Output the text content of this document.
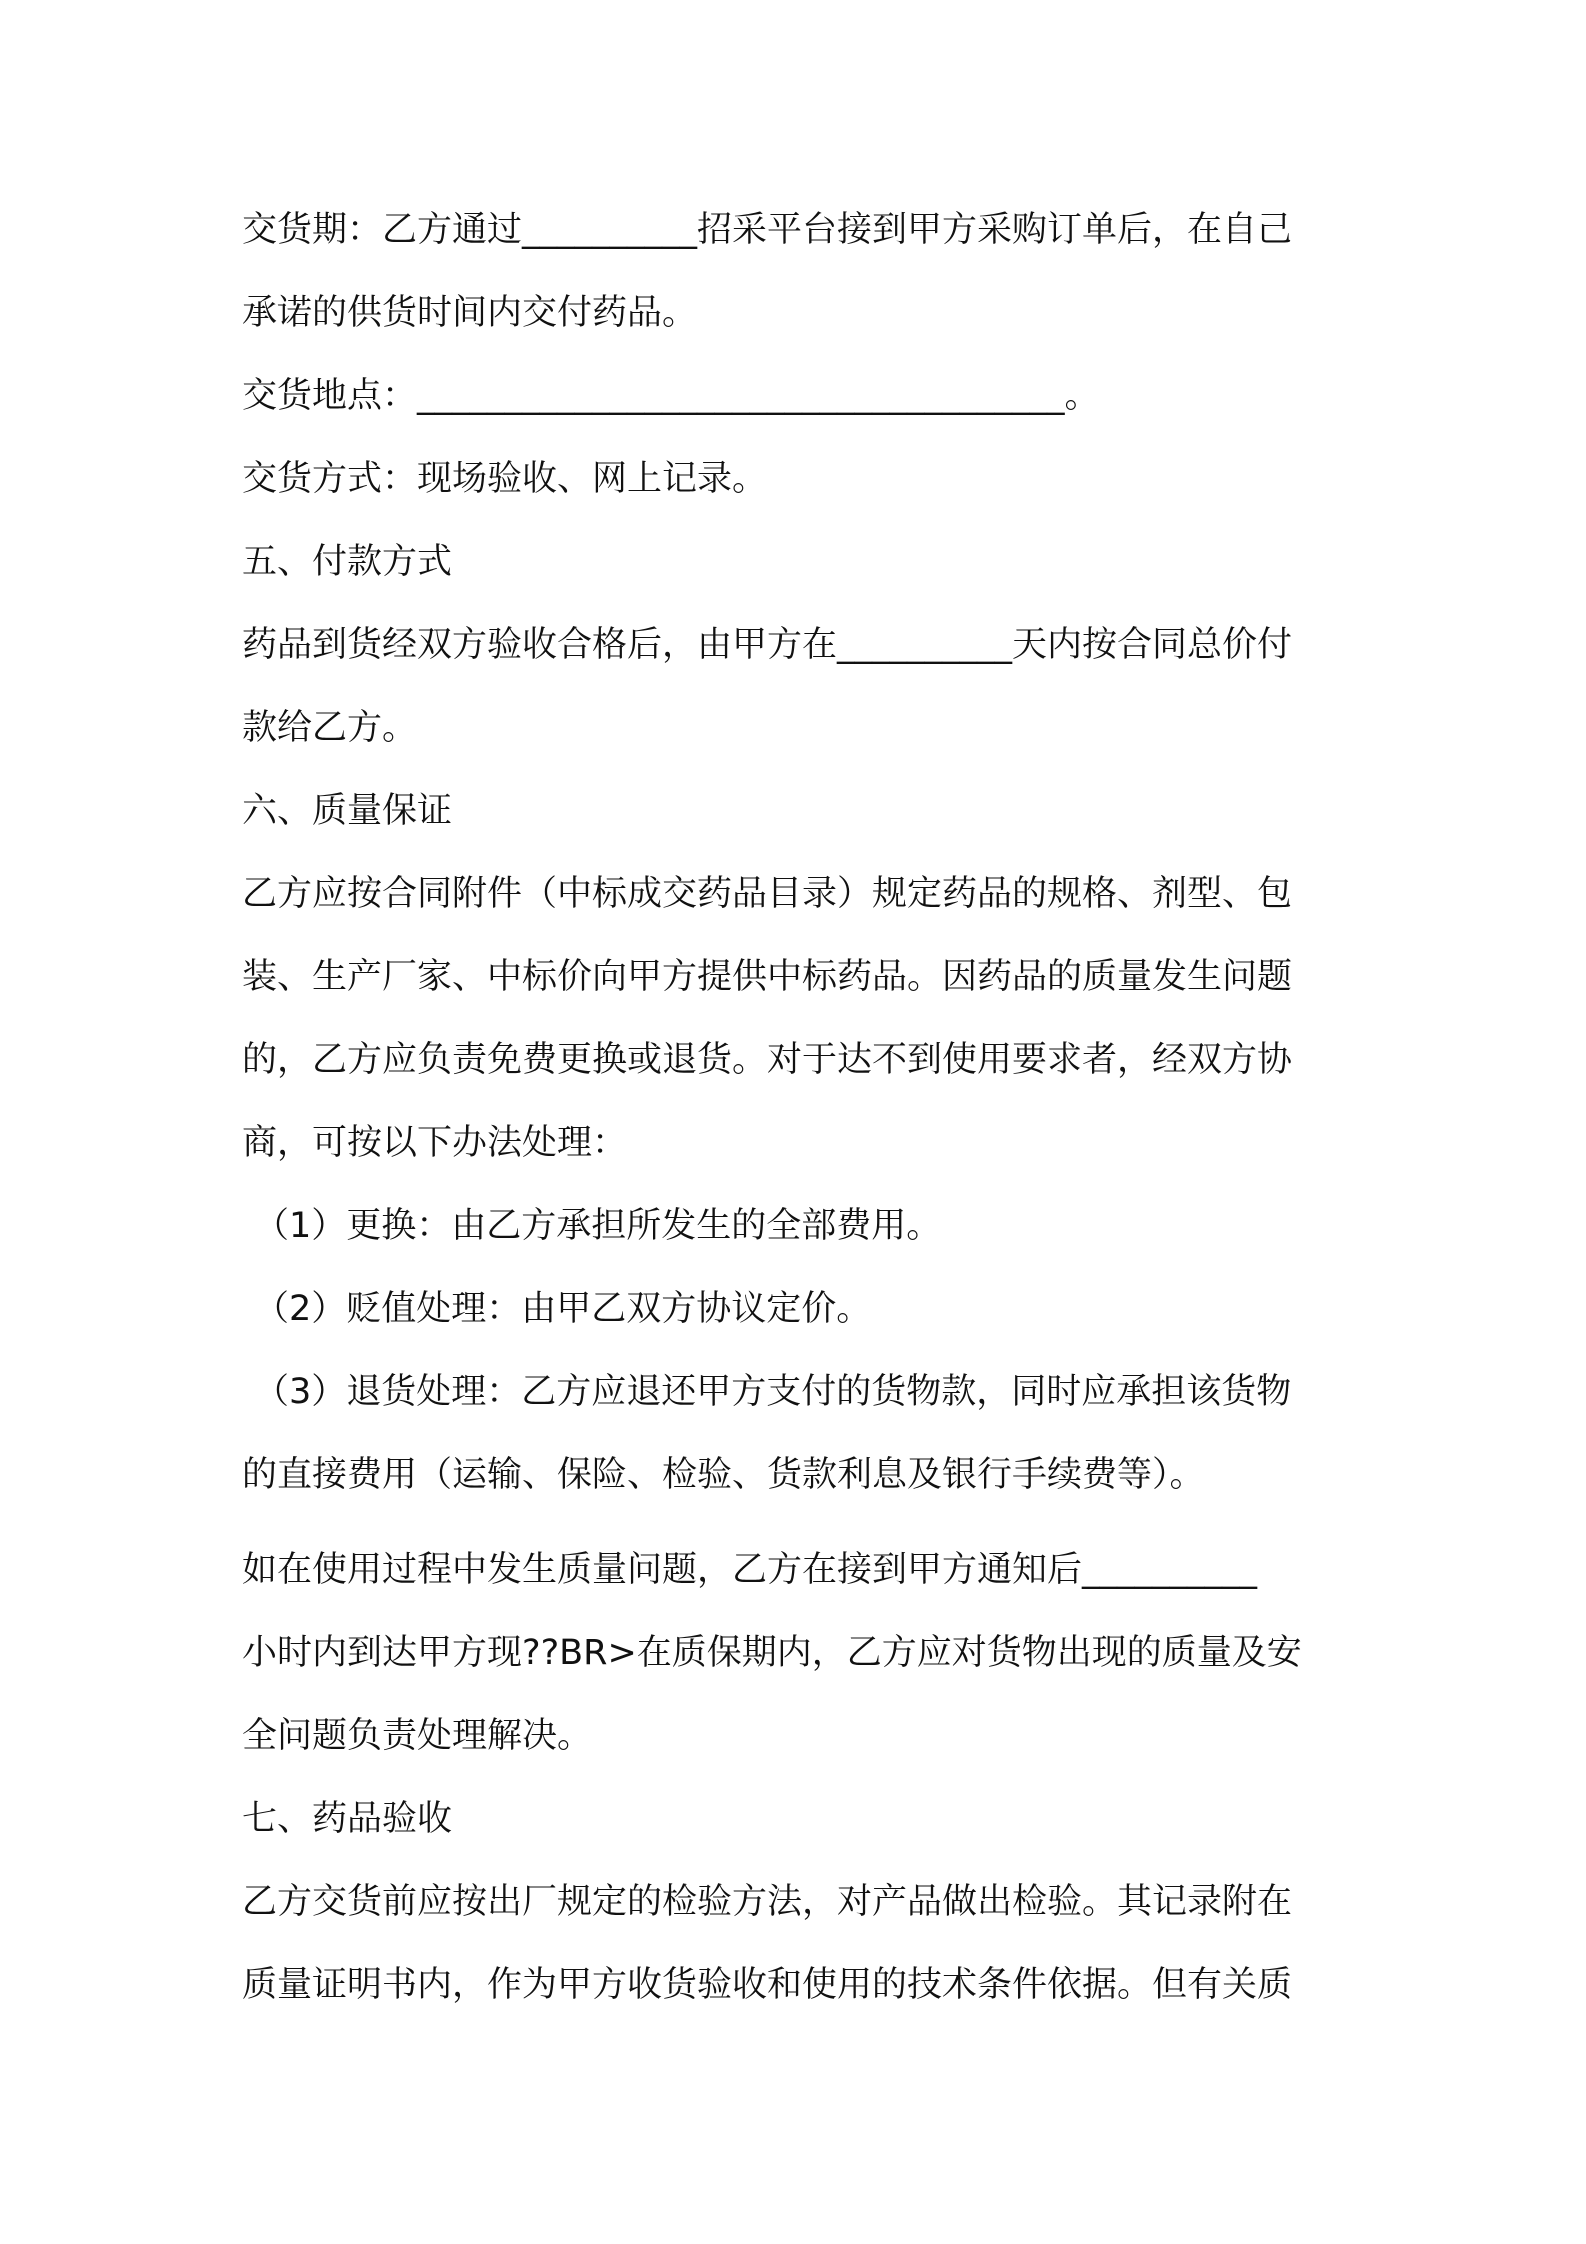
交货期：乙方通过__________招采平台接到甲方采购订单后，在自己
承诺的供货时间内交付药品。
交货地点：_____________________________________。
交货方式：现场验收、网上记录。
五、付款方式
药品到货经双方验收合格后，由甲方在__________天内按合同总价付
款给乙方。
六、质量保证
乙方应按合同附件（中标成交药品目录）规定药品的规格、剂型、包
装、生产厂家、中标价向甲方提供中标药品。因药品的质量发生问题
的，乙方应负责免费更换或退货。对于达不到使用要求者，经双方协
商，可按以下办法处理：
（1）更换：由乙方承担所发生的全部费用。
（2）贬值处理：由甲乙双方协议定价。
（3）退货处理：乙方应退还甲方支付的货物款，同时应承担该货物
的直接费用（运输、保险、检验、货款利息及银行手续费等）。
如在使用过程中发生质量问题，乙方在接到甲方通知后__________
小时内到达甲方现??BR>在质保期内，乙方应对货物出现的质量及安
全问题负责处理解决。
七、药品验收
乙方交货前应按出厂规定的检验方法，对产品做出检验。其记录附在
质量证明书内，作为甲方收货验收和使用的技术条件依据。但有关质
